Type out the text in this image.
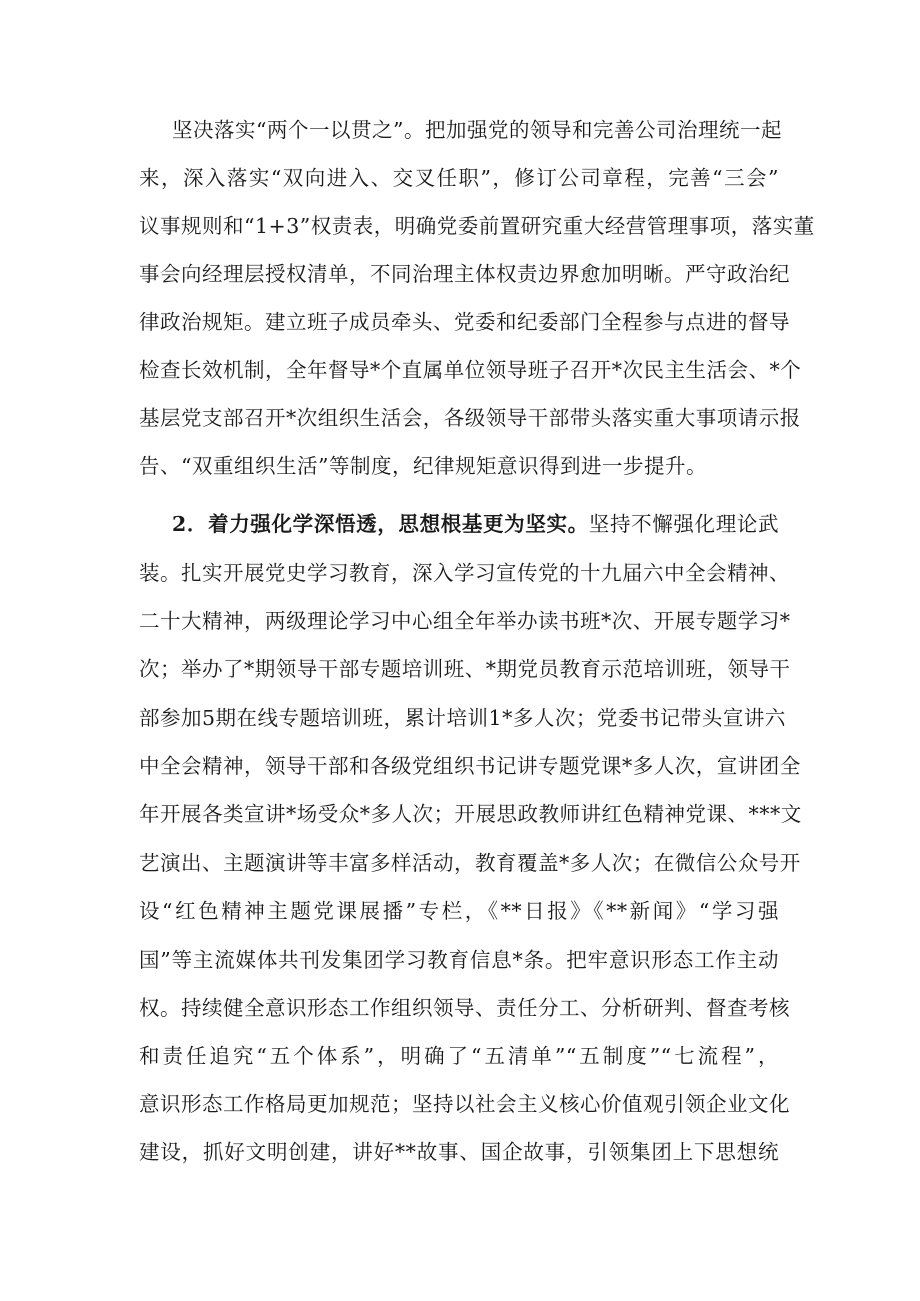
坚决落实“两个一以贯之”。把加强党的领导和完善公司治理统一起
来，深入落实“双向进入、交叉任职”，修订公司章程，完善“三会”
议事规则和“1+3”权责表，明确党委前置研究重大经营管理事项，落实董
事会向经理层授权清单，不同治理主体权责边界愈加明晰。严守政治纪
律政治规矩。建立班子成员牵头、党委和纪委部门全程参与点进的督导
检查长效机制，全年督导*个直属单位领导班子召开*次民主生活会、*个
基层党支部召开*次组织生活会，各级领导干部带头落实重大事项请示报
告、“双重组织生活”等制度，纪律规矩意识得到进一步提升。
2．着力强化学深悟透，思想根基更为坚实。坚持不懈强化理论武
装。扎实开展党史学习教育，深入学习宣传党的十九届六中全会精神、
二十大精神，两级理论学习中心组全年举办读书班*次、开展专题学习*
次；举办了*期领导干部专题培训班、*期党员教育示范培训班，领导干
部参加5期在线专题培训班，累计培训1*多人次；党委书记带头宣讲六
中全会精神，领导干部和各级党组织书记讲专题党课*多人次，宣讲团全
年开展各类宣讲*场受众*多人次；开展思政教师讲红色精神党课、***文
艺演出、主题演讲等丰富多样活动，教育覆盖*多人次；在微信公众号开
设“红色精神主题党课展播”专栏，《**日报》《**新闻》“学习强
国”等主流媒体共刊发集团学习教育信息*条。把牢意识形态工作主动
权。持续健全意识形态工作组织领导、责任分工、分析研判、督查考核
和责任追究“五个体系”，明确了“五清单”“五制度”“七流程”，
意识形态工作格局更加规范；坚持以社会主义核心价值观引领企业文化
建设，抓好文明创建，讲好**故事、国企故事，引领集团上下思想统
